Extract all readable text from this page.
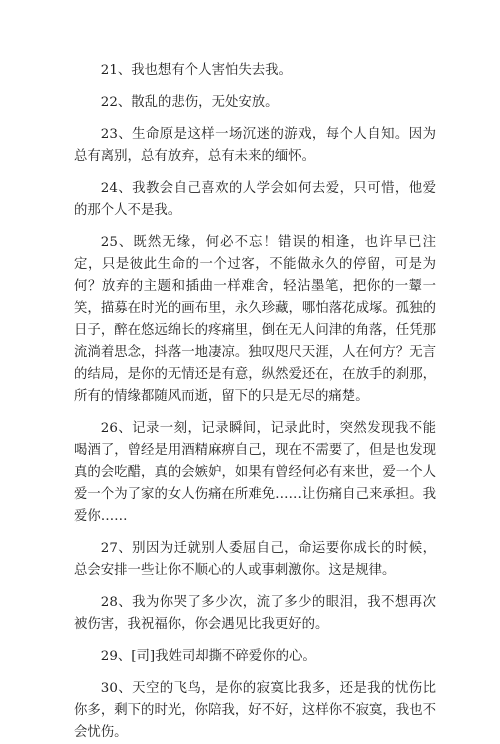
21、我也想有个人害怕失去我。

22、散乱的悲伤，无处安放。

23、生命原是这样一场沉迷的游戏，每个人自知。因为总有离别，总有放弃，总有未来的缅怀。

24、我教会自己喜欢的人学会如何去爱，只可惜，他爱的那个人不是我。

25、既然无缘，何必不忘！错误的相逢，也许早已注定，只是彼此生命的一个过客，不能做永久的停留，可是为何？放弃的主题和插曲一样难舍，轻沾墨笔，把你的一颦一笑，描募在时光的画布里，永久珍藏，哪怕落花成塚。孤独的日子，醉在悠远绵长的疼痛里，倒在无人问津的角落，任凭那流淌着思念，抖落一地凄凉。独叹咫尺天涯，人在何方？无言的结局，是你的无情还是有意，纵然爱还在，在放手的刹那，所有的情缘都随风而逝，留下的只是无尽的痛楚。

26、记录一刻，记录瞬间，记录此时，突然发现我不能喝酒了，曾经是用酒精麻痹自己，现在不需要了，但是也发现真的会吃醋，真的会嫉妒，如果有曾经何必有来世，爱一个人爱一个为了家的女人伤痛在所难免……让伤痛自己来承担。我爱你……

27、别因为迁就别人委屈自己，命运要你成长的时候，总会安排一些让你不顺心的人或事刺激你。这是规律。

28、我为你哭了多少次，流了多少的眼泪，我不想再次被伤害，我祝福你，你会遇见比我更好的。

29、[司]我姓司却撕不碎爱你的心。

30、天空的飞鸟，是你的寂寞比我多，还是我的忧伤比你多，剩下的时光，你陪我，好不好，这样你不寂寞，我也不会忧伤。
